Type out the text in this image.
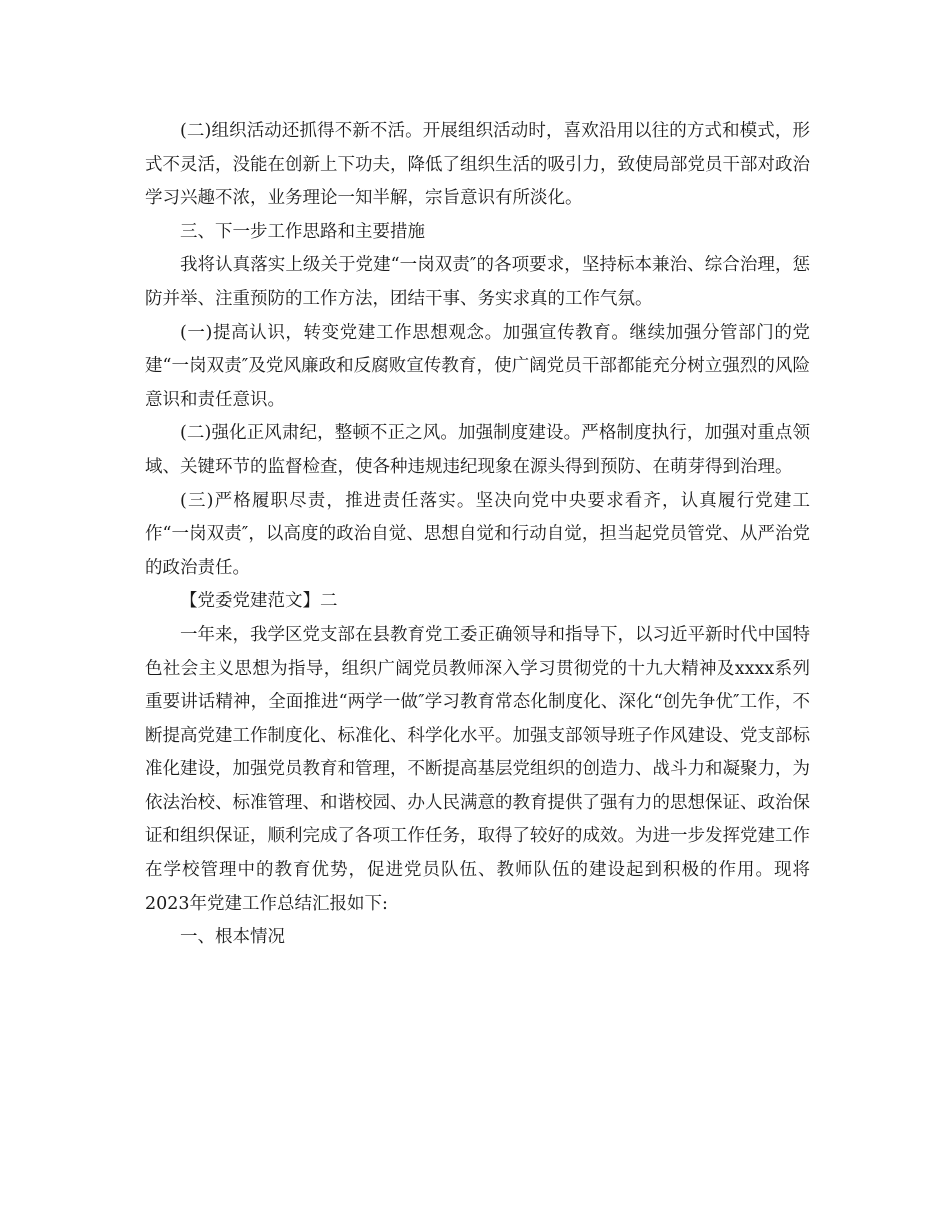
(二)组织活动还抓得不新不活。开展组织活动时，喜欢沿用以往的方式和模式，形式不灵活，没能在创新上下功夫，降低了组织生活的吸引力，致使局部党员干部对政治学习兴趣不浓，业务理论一知半解，宗旨意识有所淡化。

三、下一步工作思路和主要措施

我将认真落实上级关于党建“一岗双责″的各项要求，坚持标本兼治、综合治理，惩防并举、注重预防的工作方法，团结干事、务实求真的工作气氛。

(一)提高认识，转变党建工作思想观念。加强宣传教育。继续加强分管部门的党建“一岗双责″及党风廉政和反腐败宣传教育，使广阔党员干部都能充分树立强烈的风险意识和责任意识。

(二)强化正风肃纪，整顿不正之风。加强制度建设。严格制度执行，加强对重点领域、关键环节的监督检查，使各种违规违纪现象在源头得到预防、在萌芽得到治理。

(三)严格履职尽责，推进责任落实。坚决向党中央要求看齐，认真履行党建工作“一岗双责″，以高度的政治自觉、思想自觉和行动自觉，担当起党员管党、从严治党的政治责任。

【党委党建范文】二

一年来，我学区党支部在县教育党工委正确领导和指导下，以习近平新时代中国特色社会主义思想为指导，组织广阔党员教师深入学习贯彻党的十九大精神及xxxx系列重要讲话精神，全面推进“两学一做″学习教育常态化制度化、深化“创先争优″工作，不断提高党建工作制度化、标准化、科学化水平。加强支部领导班子作风建设、党支部标准化建设，加强党员教育和管理，不断提高基层党组织的创造力、战斗力和凝聚力，为依法治校、标准管理、和谐校园、办人民满意的教育提供了强有力的思想保证、政治保证和组织保证，顺利完成了各项工作任务，取得了较好的成效。为进一步发挥党建工作在学校管理中的教育优势，促进党员队伍、教师队伍的建设起到积极的作用。现将2023年党建工作总结汇报如下:

一、根本情况
